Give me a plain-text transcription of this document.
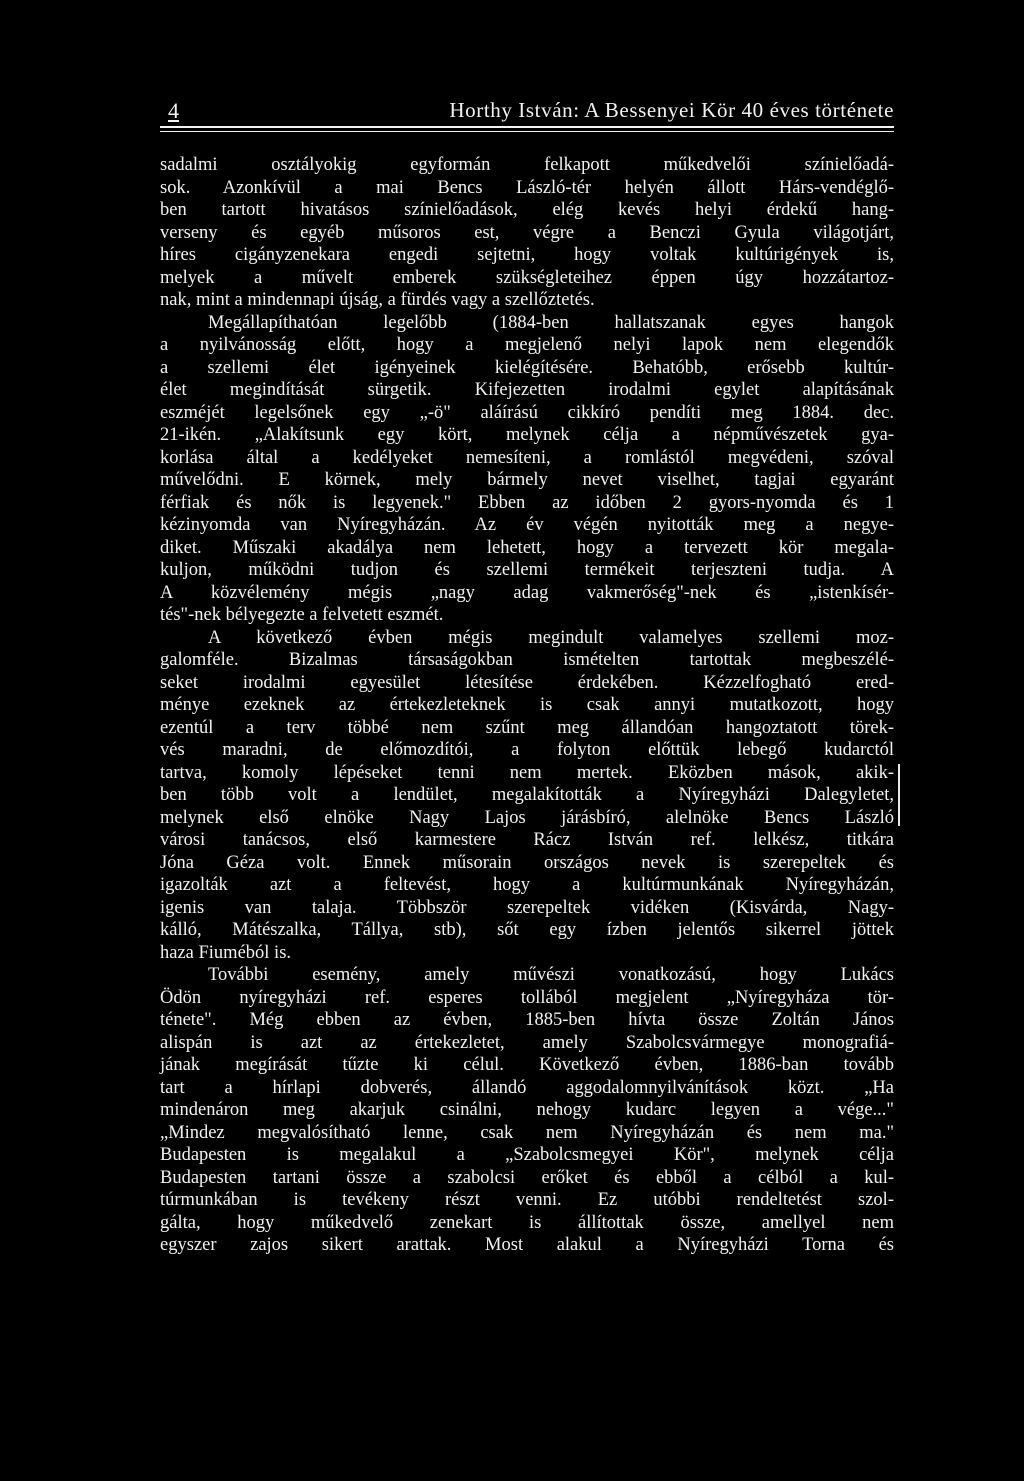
4	Horthy István: A Bessenyei Kör 40 éves története
sadalmi osztályokig egyformán felkapott műkedvelői színielőadá-
sok. Azonkívül a mai Bencs László-tér helyén állott Hárs-vendéglő-
ben tartott hivatásos színielőadások, elég kevés helyi érdekű hang-
verseny és egyéb műsoros est, végre a Benczi Gyula világotjárt,
híres cigányzenekara engedi sejtetni, hogy voltak kultúrigények is,
melyek a művelt emberek szükségleteihez éppen úgy hozzátartoz-
nak, mint a mindennapi újság, a fürdés vagy a szellőztetés.
Megállapíthatóan legelőbb (1884-ben hallatszanak egyes hangok
a nyilvánosság előtt, hogy a megjelenő nelyi lapok nem elegendők
a szellemi élet igényeinek kielégítésére. Behatóbb, erősebb kultúr-
élet megindítását sürgetik. Kifejezetten irodalmi egylet alapításának
eszméjét legelsőnek egy „-ö" aláírású cikkíró pendíti meg 1884. dec.
21-ikén. „Alakítsunk egy kört, melynek célja a népművészetek gya-
korlása által a kedélyeket nemesíteni, a romlástól megvédeni, szóval
művelődni. E körnek, mely bármely nevet viselhet, tagjai egyaránt
férfiak és nők is legyenek." Ebben az időben 2 gyors-nyomda és 1
kézinyomda van Nyíregyházán. Az év végén nyitották meg a negye-
diket. Műszaki akadálya nem lehetett, hogy a tervezett kör megala-
kuljon, működni tudjon és szellemi termékeit terjeszteni tudja. A
A közvélemény mégis „nagy adag vakmerőség"-nek és „istenkísér-
tés"-nek bélyegezte a felvetett eszmét.
A következő évben mégis megindult valamelyes szellemi moz-
galomféle. Bizalmas társaságokban ismételten tartottak megbeszélé-
seket irodalmi egyesület létesítése érdekében. Kézzelfogható ered-
ménye ezeknek az értekezleteknek is csak annyi mutatkozott, hogy
ezentúl a terv többé nem szűnt meg állandóan hangoztatott törek-
vés maradni, de előmozdítói, a folyton előttük lebegő kudarctól
tartva, komoly lépéseket tenni nem mertek. Eközben mások, akik-
ben több volt a lendület, megalakították a Nyíregyházi Dalegyletet,
melynek első elnöke Nagy Lajos járásbíró, alelnöke Bencs László
városi tanácsos, első karmestere Rácz István ref. lelkész, titkára
Jóna Géza volt. Ennek műsorain országos nevek is szerepeltek és
igazolták azt a feltevést, hogy a kultúrmunkának Nyíregyházán,
igenis van talaja. Többször szerepeltek vidéken (Kisvárda, Nagy-
kálló, Mátészalka, Tállya, stb), sőt egy ízben jelentős sikerrel jöttek
haza Fiuméból is.
További esemény, amely művészi vonatkozású, hogy Lukács
Ödön nyíregyházi ref. esperes tollából megjelent „Nyíregyháza tör-
ténete". Még ebben az évben, 1885-ben hívta össze Zoltán János
alispán is azt az értekezletet, amely Szabolcsvármegye monografiá-
jának megírását tűzte ki célul. Következő évben, 1886-ban tovább
tart a hírlapi dobverés, állandó aggodalomnyilvánítások közt. „Ha
mindenáron meg akarjuk csinálni, nehogy kudarc legyen a vége..."
„Mindez megvalósítható lenne, csak nem Nyíregyházán és nem ma."
Budapesten is megalakul a „Szabolcsmegyei Kör", melynek célja
Budapesten tartani össze a szabolcsi erőket és ebből a célból a kul-
túrmunkában is tevékeny részt venni. Ez utóbbi rendeltetést szol-
gálta, hogy műkedvelő zenekart is állítottak össze, amellyel nem
egyszer zajos sikert arattak. Most alakul a Nyíregyházi Torna és
